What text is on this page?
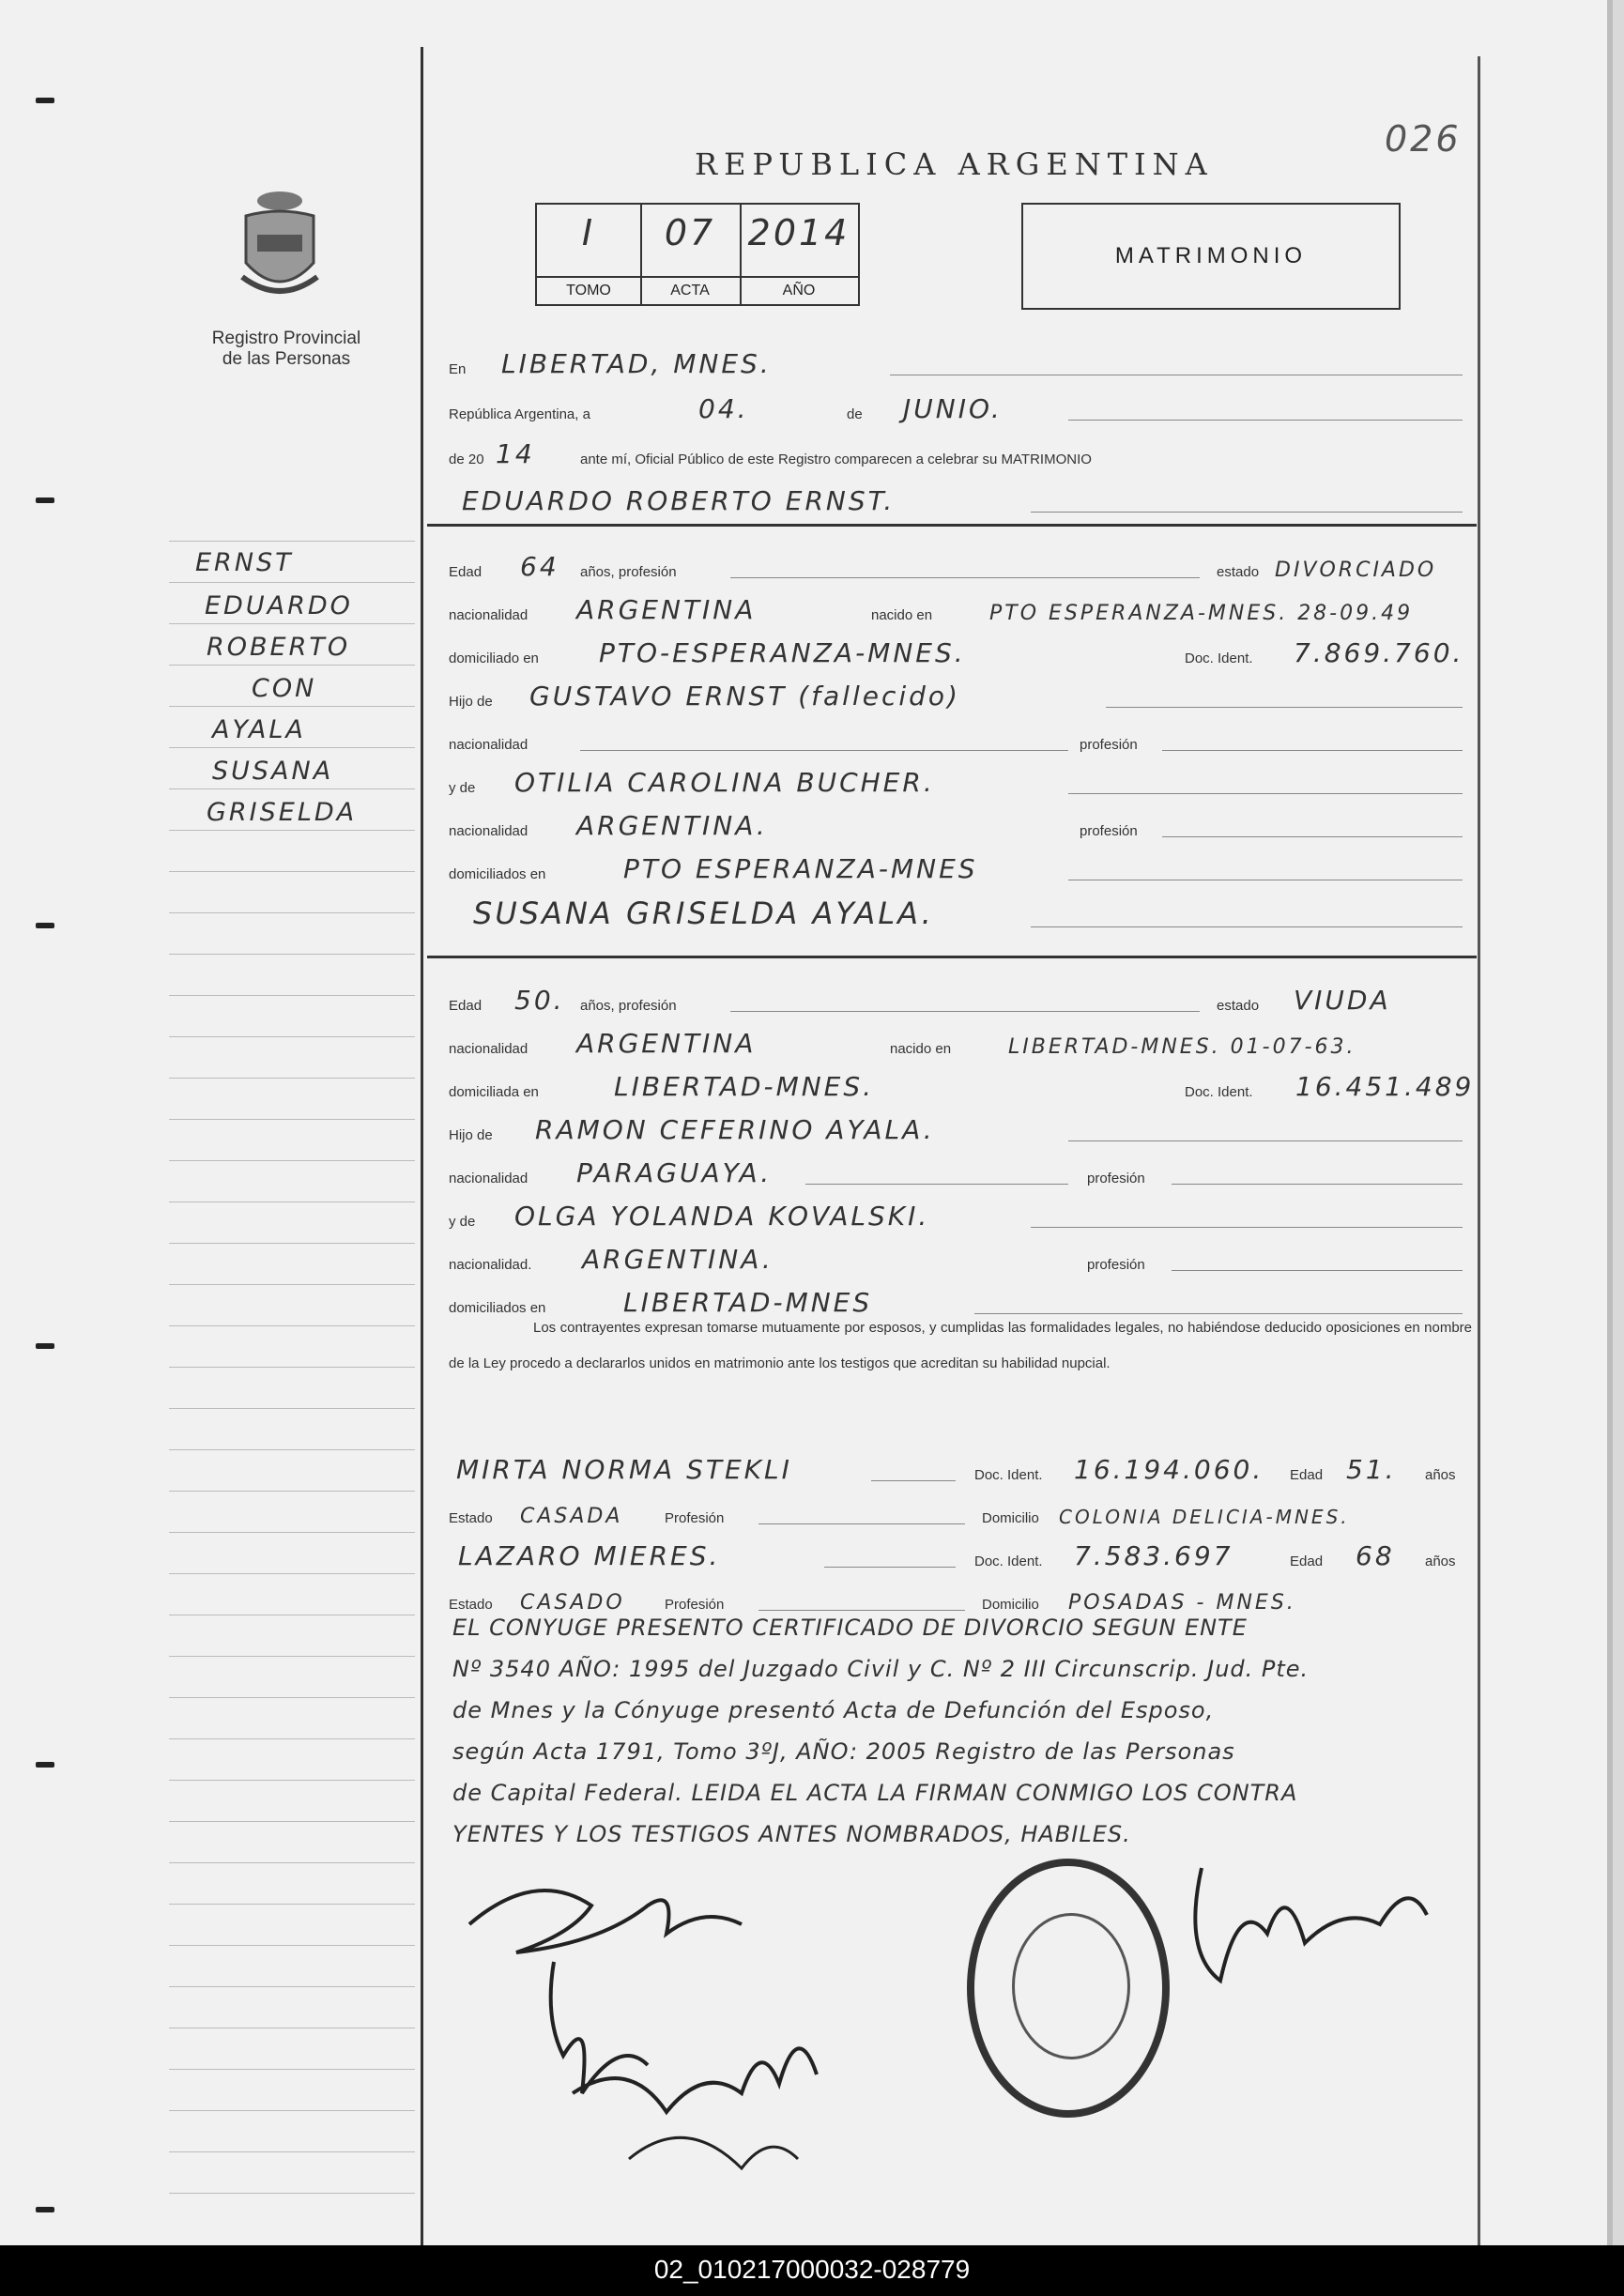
Registro Provincial
de las Personas
026
REPUBLICA ARGENTINA
I
TOMO
07
ACTA
2014
AÑO
MATRIMONIO
ERNST
EDUARDO
ROBERTO
CON
AYALA
SUSANA
GRISELDA
En LIBERTAD, MNES.
República Argentina, a	04.	de JUNIO.
de 20 14	ante mí, Oficial Público de este Registro comparecen a celebrar su MATRIMONIO
EDUARDO ROBERTO ERNST.
Edad 64 años, profesión	estado DIVORCIADO
nacionalidad ARGENTINA	nacido en	PTO ESPERANZA-MNES. 28-09.49
domiciliado en PTO-ESPERANZA-MNES.	Doc. Ident. 7.869.760.
Hijo de GUSTAVO ERNST (fallecido)
nacionalidad	profesión
y de OTILIA CAROLINA BUCHER.
nacionalidad ARGENTINA.	profesión
domiciliados en	PTO ESPERANZA-MNES
SUSANA GRISELDA AYALA.
Edad 50. años, profesión	estado VIUDA
nacionalidad ARGENTINA	nacido en	LIBERTAD-MNES. 01-07-63.
domiciliada en	LIBERTAD-MNES.	Doc. Ident. 16.451.489
Hijo de RAMON CEFERINO AYALA.
nacionalidad PARAGUAYA.	profesión
y de OLGA YOLANDA KOVALSKI.
nacionalidad. ARGENTINA.	profesión
domiciliados en	LIBERTAD-MNES
Los contrayentes expresan tomarse mutuamente por esposos, y cumplidas las formalidades legales, no habiéndose deducido oposiciones en nombre de la Ley procedo a declararlos unidos en matrimonio ante los testigos que acreditan su habilidad nupcial.
MIRTA NORMA STEKLI	Doc. Ident. 16.194.060. Edad 51. años
Estado CASADA	Profesión	Domicilio COLONIA DELICIA-MNES.
LAZARO MIERES.	Doc. Ident. 7.583.697	Edad 68 años
Estado CASADO	Profesión	Domicilio POSADAS - MNES.
EL CONYUGE PRESENTO CERTIFICADO DE DIVORCIO SEGUN ENTE
Nº 3540 AÑO: 1995 del Juzgado Civil y C. Nº 2 III Circunscrip. Jud. Pte.
de Mnes y la Cónyuge presentó Acta de Defunción del Esposo,
según Acta 1791, Tomo 3ºJ, AÑO: 2005 Registro de las Personas
de Capital Federal. LEIDA EL ACTA LA FIRMAN CONMIGO LOS CONTRA
YENTES Y LOS TESTIGOS ANTES NOMBRADOS, HABILES.
02_010217000032-028779
